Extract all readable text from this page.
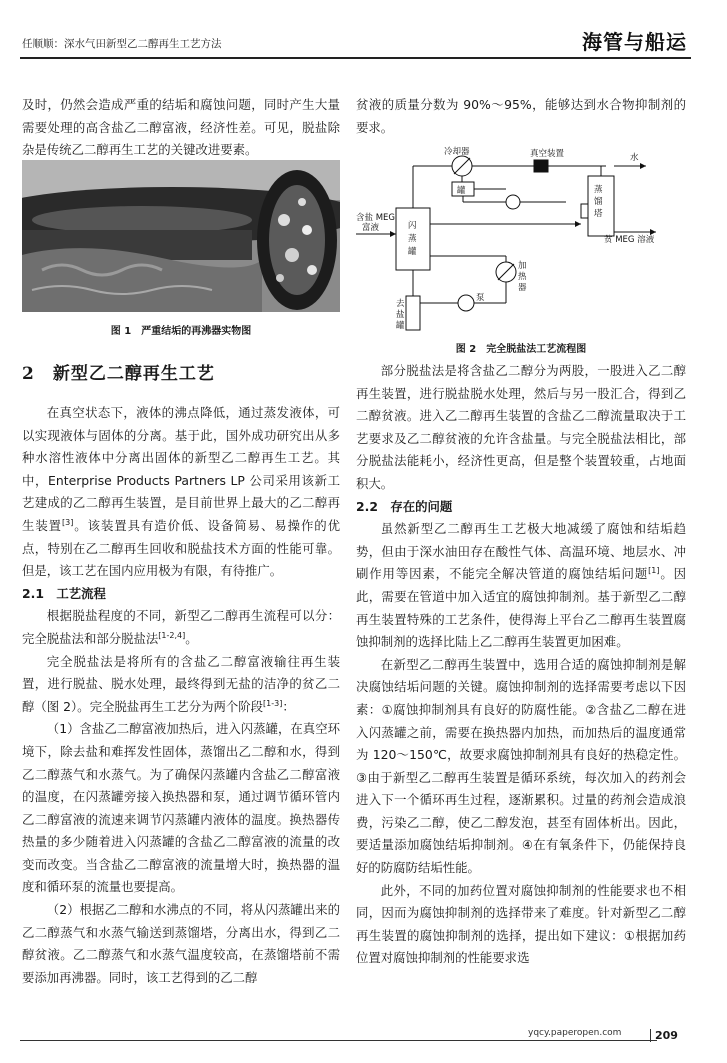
任顺顺：深水气田新型乙二醇再生工艺方法	海管与船运

及时，仍然会造成严重的结垢和腐蚀问题，同时产生大量需要处理的高含盐乙二醇富液，经济性差。可见，脱盐除杂是传统乙二醇再生工艺的关键改进要素。

图 1　严重结垢的再沸器实物图

2　新型乙二醇再生工艺

在真空状态下，液体的沸点降低，通过蒸发液体，可以实现液体与固体的分离。基于此，国外成功研究出从多种水溶性液体中分离出固体的新型乙二醇再生工艺。其中，Enterprise Products Partners LP 公司采用该新工艺建成的乙二醇再生装置，是目前世界上最大的乙二醇再生装置[3]。该装置具有造价低、设备简易、易操作的优点，特别在乙二醇再生回收和脱盐技术方面的性能可靠。但是，该工艺在国内应用极为有限，有待推广。

2.1　工艺流程

根据脱盐程度的不同，新型乙二醇再生流程可以分：完全脱盐法和部分脱盐法[1-2,4]。

完全脱盐法是将所有的含盐乙二醇富液输往再生装置，进行脱盐、脱水处理，最终得到无盐的洁净的贫乙二醇（图 2）。完全脱盐再生工艺分为两个阶段[1-3]：

（1）含盐乙二醇富液加热后，进入闪蒸罐，在真空环境下，除去盐和难挥发性固体，蒸馏出乙二醇和水，得到乙二醇蒸气和水蒸气。为了确保闪蒸罐内含盐乙二醇富液的温度，在闪蒸罐旁接入换热器和泵，通过调节循环管内乙二醇富液的流速来调节闪蒸罐内液体的温度。换热器传热量的多少随着进入闪蒸罐的含盐乙二醇富液的流量的改变而改变。当含盐乙二醇富液的流量增大时，换热器的温度和循环泵的流量也要提高。

（2）根据乙二醇和水沸点的不同，将从闪蒸罐出来的乙二醇蒸气和水蒸气输送到蒸馏塔，分离出水，得到乙二醇贫液。乙二醇蒸气和水蒸气温度较高，在蒸馏塔前不需要添加再沸器。同时，该工艺得到的乙二醇

贫液的质量分数为 90%～95%，能够达到水合物抑制剂的要求。

冷却器	真空装置	水
罐	蒸
馏
塔
含盐 MEG
富液	闪
蒸
罐
贫 MEG 溶液
加
热
器
去
盐
罐
泵
图 2　完全脱盐法工艺流程图

部分脱盐法是将含盐乙二醇分为两股，一股进入乙二醇再生装置，进行脱盐脱水处理，然后与另一股汇合，得到乙二醇贫液。进入乙二醇再生装置的含盐乙二醇流量取决于工艺要求及乙二醇贫液的允许含盐量。与完全脱盐法相比，部分脱盐法能耗小，经济性更高，但是整个装置较重，占地面积大。

2.2　存在的问题

虽然新型乙二醇再生工艺极大地减缓了腐蚀和结垢趋势，但由于深水油田存在酸性气体、高温环境、地层水、冲刷作用等因素，不能完全解决管道的腐蚀结垢问题[1]。因此，需要在管道中加入适宜的腐蚀抑制剂。基于新型乙二醇再生装置特殊的工艺条件，使得海上平台乙二醇再生装置腐蚀抑制剂的选择比陆上乙二醇再生装置更加困难。

在新型乙二醇再生装置中，选用合适的腐蚀抑制剂是解决腐蚀结垢问题的关键。腐蚀抑制剂的选择需要考虑以下因素：①腐蚀抑制剂具有良好的防腐性能。②含盐乙二醇在进入闪蒸罐之前，需要在换热器内加热，而加热后的温度通常为 120～150℃，故要求腐蚀抑制剂具有良好的热稳定性。③由于新型乙二醇再生装置是循环系统，每次加入的药剂会进入下一个循环再生过程，逐渐累积。过量的药剂会造成浪费，污染乙二醇，使乙二醇发泡，甚至有固体析出。因此，要适量添加腐蚀结垢抑制剂。④在有氧条件下，仍能保持良好的防腐防结垢性能。

此外，不同的加药位置对腐蚀抑制剂的性能要求也不相同，因而为腐蚀抑制剂的选择带来了难度。针对新型乙二醇再生装置的腐蚀抑制剂的选择，提出如下建议：①根据加药位置对腐蚀抑制剂的性能要求选

yqcy.paperopen.com	209
